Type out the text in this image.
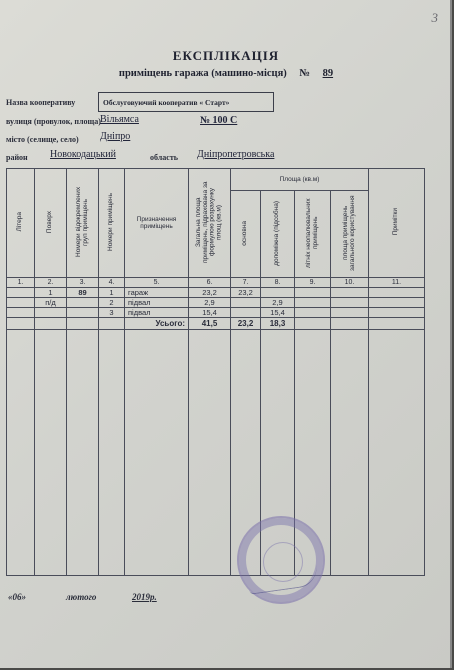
3
ЕКСПЛІКАЦІЯ
приміщень гаража (машино-місця) № 89
Назва кооперативу	Обслуговуючий кооператив « Старт»
вулиця (провулок, площа) Вільямса	№ 100 С
місто (селище, село) Дніпро
район Новокодацький	область Дніпропетровська
Літера	Поверх	Номери відокремлених груп приміщень	Номери приміщень	Призначення приміщень	Загальна площа приміщень, підрахована за формулою розрахунку площ (кв.м)	Площа (кв.м)				Примітки
						основна	допоміжна (підсобна)	літніх неопалювальних приміщень	площа приміщень загального користування	
1.	2.	3.	4.	5.	6.	7.	8.	9.	10.	11.
	1	89	1	гараж	23,2	23,2				
	п/д		2	підвал	2,9		2,9			
			3	підвал	15,4		15,4			
				Усього:	41,5	23,2	18,3			

«06»	лютого	2019р.
